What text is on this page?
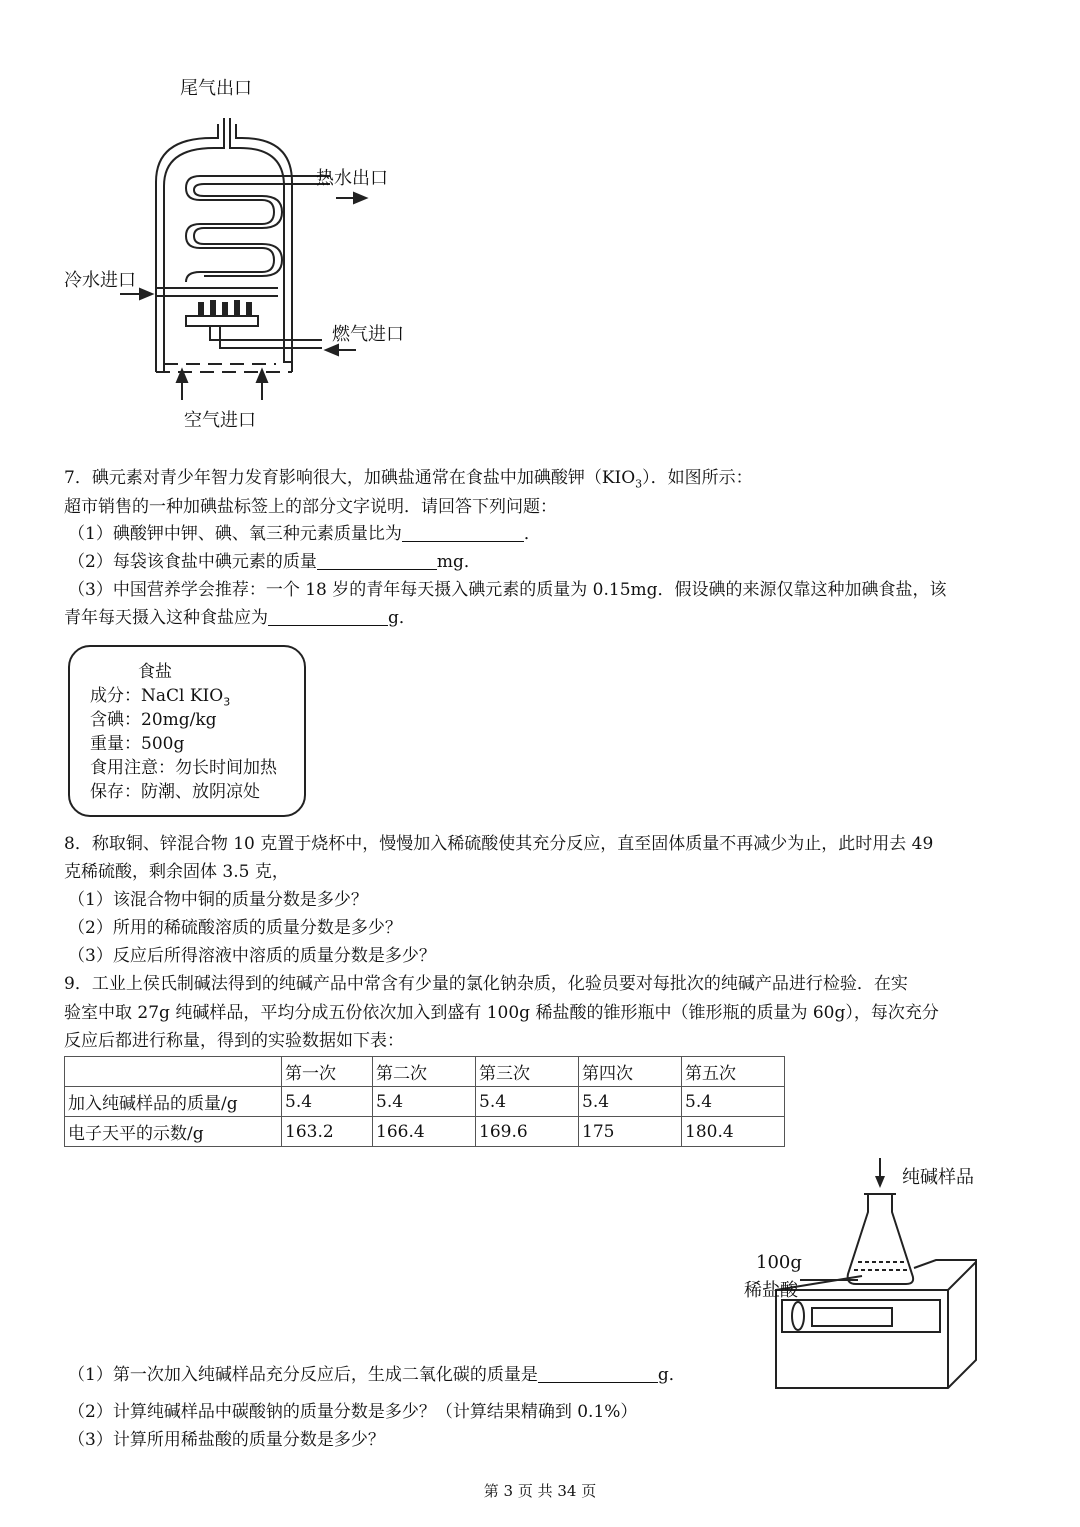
尾气出口
热水出口
冷水进口
燃气进口
空气进口
7．碘元素对青少年智力发育影响很大，加碘盐通常在食盐中加碘酸钾$(KIO_3)$．如图所示：
超市销售的一种加碘盐标签上的部分文字说明．请回答下列问题：
（1）碘酸钾中钾、碘、氧三种元素质量比为	．
（2）每袋该食盐中碘元素的质量	mg．
（3）中国营养学会推荐：一个 18 岁的青年每天摄入碘元素的质量为 0.15mg．假设碘的来源仅靠这种加碘食盐，该
青年每天摄入这种食盐应为	g．
食盐
成分：NaCl $KIO_3$
含碘：20mg/kg
重量：500g
食用注意：勿长时间加热
保存：防潮、放阴凉处
8．称取铜、锌混合物 10 克置于烧杯中，慢慢加入稀硫酸使其充分反应，直至固体质量不再减少为止，此时用去 49
克稀硫酸，剩余固体 3.5 克，
（1）该混合物中铜的质量分数是多少？
（2）所用的稀硫酸溶质的质量分数是多少？
（3）反应后所得溶液中溶质的质量分数是多少？
9．工业上侯氏制碱法得到的纯碱产品中常含有少量的氯化钠杂质，化验员要对每批次的纯碱产品进行检验．在实
验室中取 27g 纯碱样品，平均分成五份依次加入到盛有 100g 稀盐酸的锥形瓶中（锥形瓶的质量为 60g），每次充分
反应后都进行称量，得到的实验数据如下表：
	第一次	第二次	第三次	第四次	第五次
加入纯碱样品的质量/g	5.4	5.4	5.4	5.4	5.4
电子天平的示数/g	163.2	166.4	169.6	175	180.4
纯碱样品
100g
稀盐酸
（1）第一次加入纯碱样品充分反应后，生成二氧化碳的质量是	g．
（2）计算纯碱样品中碳酸钠的质量分数是多少？（计算结果精确到 0.1%）
（3）计算所用稀盐酸的质量分数是多少？
第 3 页 共 34 页
